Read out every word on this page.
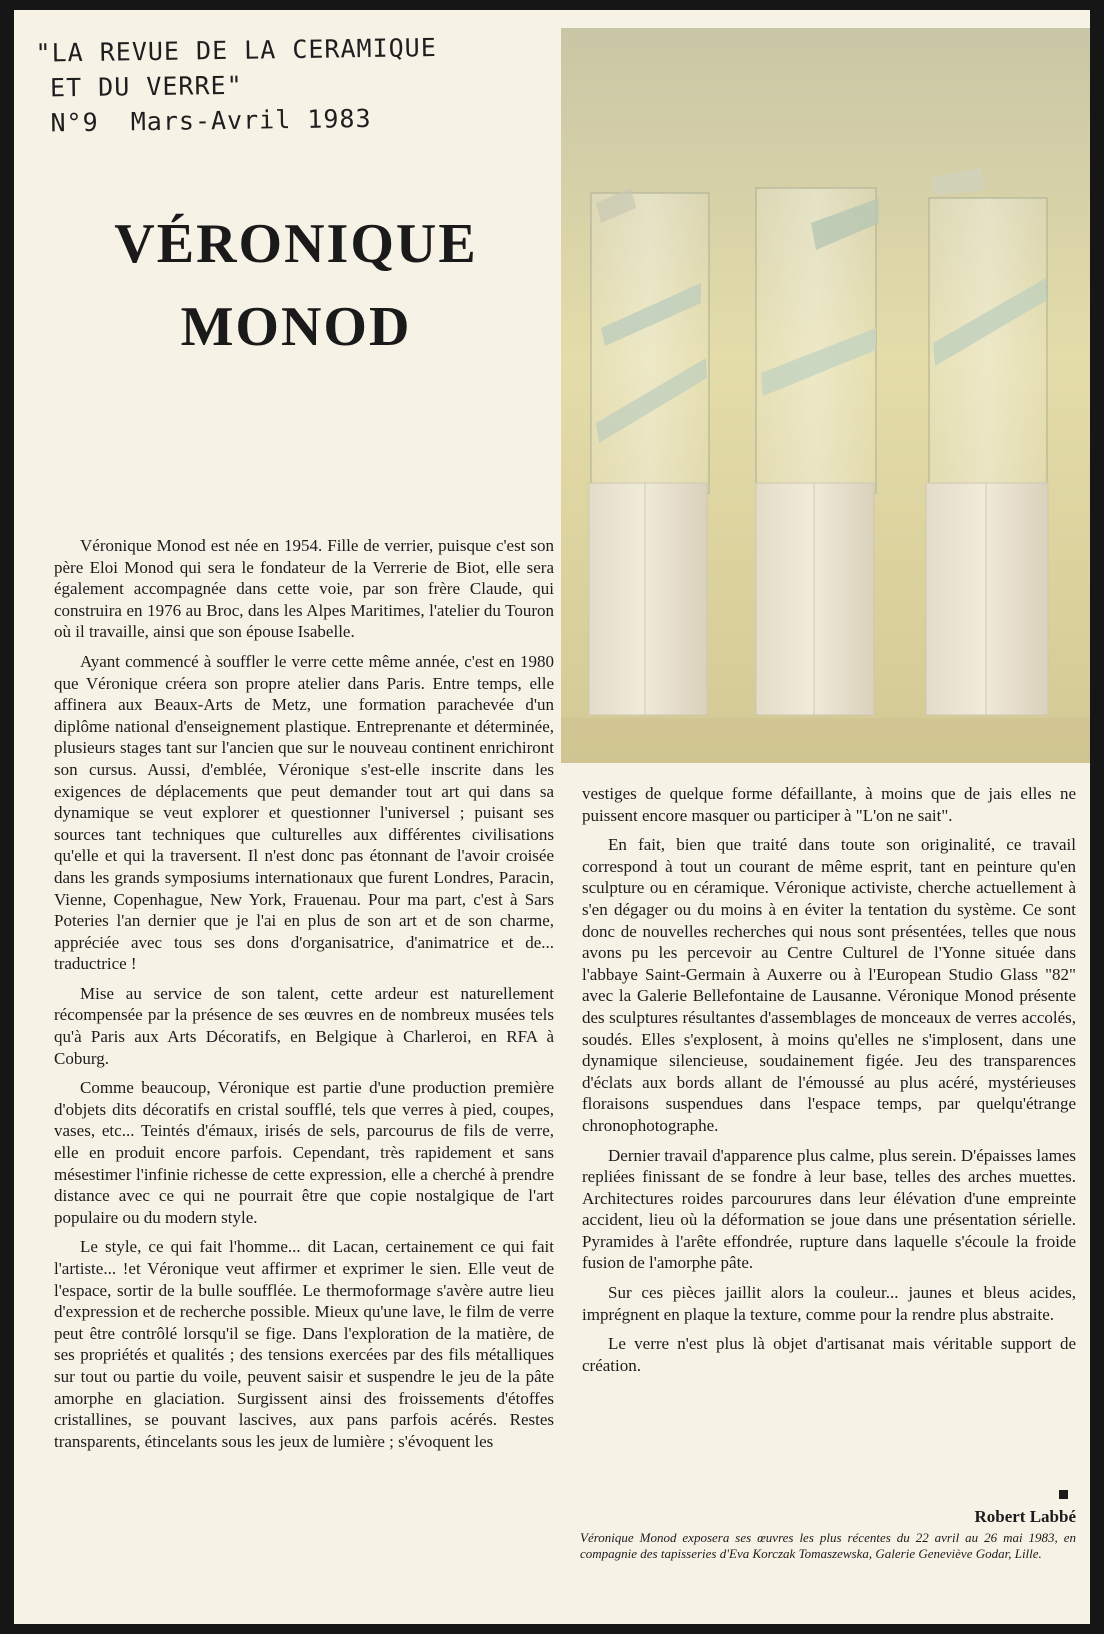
"LA REVUE DE LA CERAMIQUE
ET DU VERRE"
N°9  Mars-Avril 1983
VÉRONIQUE
MONOD

Véronique Monod est née en 1954. Fille de verrier, puisque c'est son père Eloi Monod qui sera le fondateur de la Verrerie de Biot, elle sera également accompagnée dans cette voie, par son frère Claude, qui construira en 1976 au Broc, dans les Alpes Maritimes, l'atelier du Touron où il travaille, ainsi que son épouse Isabelle.

Ayant commencé à souffler le verre cette même année, c'est en 1980 que Véronique créera son propre atelier dans Paris. Entre temps, elle affinera aux Beaux-Arts de Metz, une formation parachevée d'un diplôme national d'enseignement plastique. Entreprenante et déterminée, plusieurs stages tant sur l'ancien que sur le nouveau continent enrichiront son cursus. Aussi, d'emblée, Véronique s'est-elle inscrite dans les exigences de déplacements que peut demander tout art qui dans sa dynamique se veut explorer et questionner l'universel ; puisant ses sources tant techniques que culturelles aux différentes civilisations qu'elle et qui la traversent. Il n'est donc pas étonnant de l'avoir croisée dans les grands symposiums internationaux que furent Londres, Paracin, Vienne, Copenhague, New York, Frauenau. Pour ma part, c'est à Sars Poteries l'an dernier que je l'ai en plus de son art et de son charme, appréciée avec tous ses dons d'organisatrice, d'animatrice et de... traductrice !

Mise au service de son talent, cette ardeur est naturellement récompensée par la présence de ses œuvres en de nombreux musées tels qu'à Paris aux Arts Décoratifs, en Belgique à Charleroi, en RFA à Coburg.

Comme beaucoup, Véronique est partie d'une production première d'objets dits décoratifs en cristal soufflé, tels que verres à pied, coupes, vases, etc... Teintés d'émaux, irisés de sels, parcourus de fils de verre, elle en produit encore parfois. Cependant, très rapidement et sans mésestimer l'infinie richesse de cette expression, elle a cherché à prendre distance avec ce qui ne pourrait être que copie nostalgique de l'art populaire ou du modern style.

Le style, ce qui fait l'homme... dit Lacan, certainement ce qui fait l'artiste... !et Véronique veut affirmer et exprimer le sien. Elle veut de l'espace, sortir de la bulle soufflée. Le thermoformage s'avère autre lieu d'expression et de recherche possible. Mieux qu'une lave, le film de verre peut être contrôlé lorsqu'il se fige. Dans l'exploration de la matière, de ses propriétés et qualités ; des tensions exercées par des fils métalliques sur tout ou partie du voile, peuvent saisir et suspendre le jeu de la pâte amorphe en glaciation. Surgissent ainsi des froissements d'étoffes cristallines, se pouvant lascives, aux pans parfois acérés. Restes transparents, étincelants sous les jeux de lumière ; s'évoquent les

vestiges de quelque forme défaillante, à moins que de jais elles ne puissent encore masquer ou participer à "L'on ne sait".

En fait, bien que traité dans toute son originalité, ce travail correspond à tout un courant de même esprit, tant en peinture qu'en sculpture ou en céramique. Véronique activiste, cherche actuellement à s'en dégager ou du moins à en éviter la tentation du système. Ce sont donc de nouvelles recherches qui nous sont présentées, telles que nous avons pu les percevoir au Centre Culturel de l'Yonne située dans l'abbaye Saint-Germain à Auxerre ou à l'European Studio Glass "82" avec la Galerie Bellefontaine de Lausanne. Véronique Monod présente des sculptures résultantes d'assemblages de monceaux de verres accolés, soudés. Elles s'explosent, à moins qu'elles ne s'implosent, dans une dynamique silencieuse, soudainement figée. Jeu des transparences d'éclats aux bords allant de l'émoussé au plus acéré, mystérieuses floraisons suspendues dans l'espace temps, par quelqu'étrange chronophotographe.

Dernier travail d'apparence plus calme, plus serein. D'épaisses lames repliées finissant de se fondre à leur base, telles des arches muettes. Architectures roides parcourures dans leur élévation d'une empreinte accident, lieu où la déformation se joue dans une présentation sérielle. Pyramides à l'arête effondrée, rupture dans laquelle s'écoule la froide fusion de l'amorphe pâte.

Sur ces pièces jaillit alors la couleur... jaunes et bleus acides, imprégnent en plaque la texture, comme pour la rendre plus abstraite.

Le verre n'est plus là objet d'artisanat mais véritable support de création.

Robert Labbé
Véronique Monod exposera ses œuvres les plus récentes du 22 avril au 26 mai 1983, en compagnie des tapisseries d'Eva Korczak Tomaszewska, Galerie Geneviève Godar, Lille.
